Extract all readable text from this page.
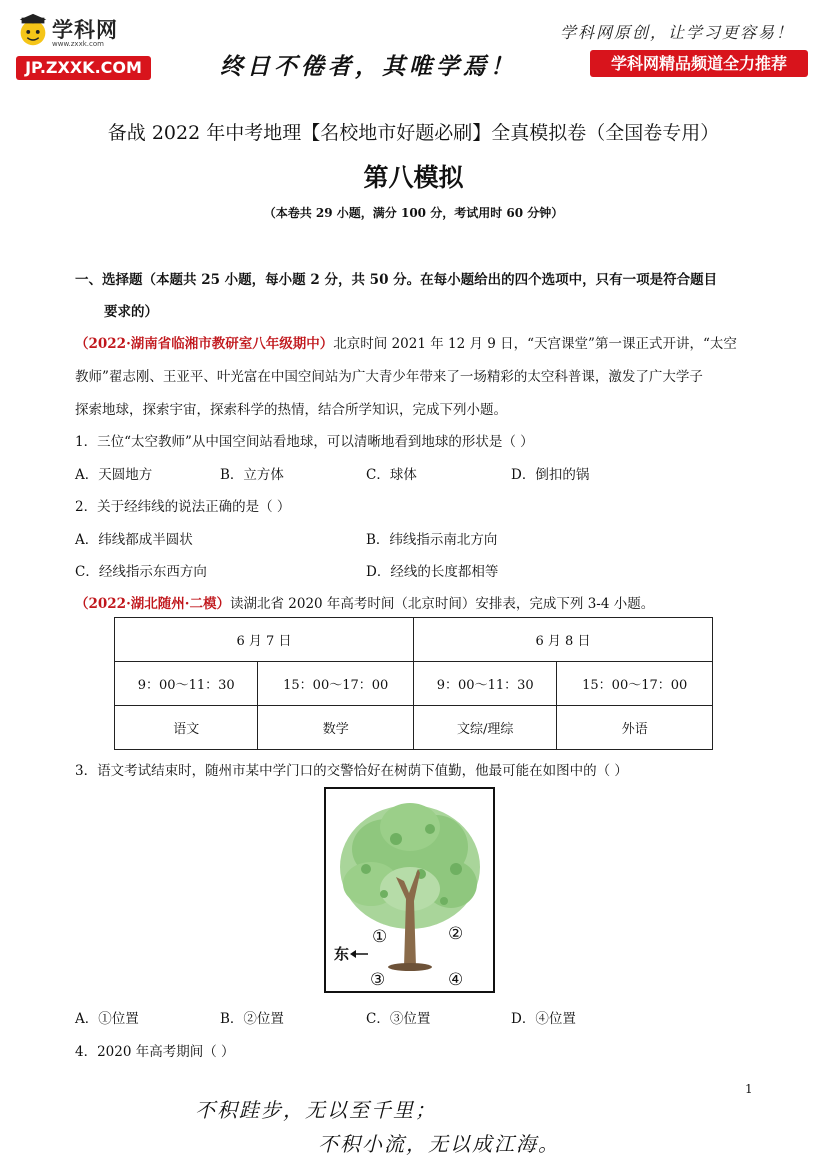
学科网
www.zxxk.com
JP.ZXXK.COM	终日不倦者，其唯学焉！
学科网原创，让学习更容易！
学科网精品频道全力推荐
备战 2022 年中考地理【名校地市好题必刷】全真模拟卷（全国卷专用）
第八模拟
（本卷共 29 小题，满分 100 分，考试用时 60 分钟）
一、选择题（本题共 25 小题，每小题 2 分，共 50 分。在每小题给出的四个选项中，只有一项是符合题目
要求的）
（2022·湖南省临湘市教研室八年级期中）北京时间 2021 年 12 月 9 日，“天宫课堂”第一课正式开讲，“太空
教师”翟志刚、王亚平、叶光富在中国空间站为广大青少年带来了一场精彩的太空科普课，激发了广大学子
探索地球，探索宇宙，探索科学的热情，结合所学知识，完成下列小题。
1．三位“太空教师”从中国空间站看地球，可以清晰地看到地球的形状是（ ）
A．天圆地方	B．立方体	C．球体	D．倒扣的锅
2．关于经纬线的说法正确的是（ ）
A．纬线都成半圆状	B．纬线指示南北方向
C．经线指示东西方向	D．经线的长度都相等
（2022·湖北随州·二模）读湖北省 2020 年高考时间（北京时间）安排表，完成下列 3-4 小题。
6 月 7 日		6 月 8 日	
9：00～11：30	15：00～17：00	9：00～11：30	15：00～17：00
语文	数学	文综/理综	外语
3．语文考试结束时，随州市某中学门口的交警恰好在树荫下值勤，他最可能在如图中的（ ）
东
①	②
③	④
A．①位置	B．②位置	C．③位置	D．④位置
4．2020 年高考期间（ ）
1
不积跬步，无以至千里；
不积小流，无以成江海。
